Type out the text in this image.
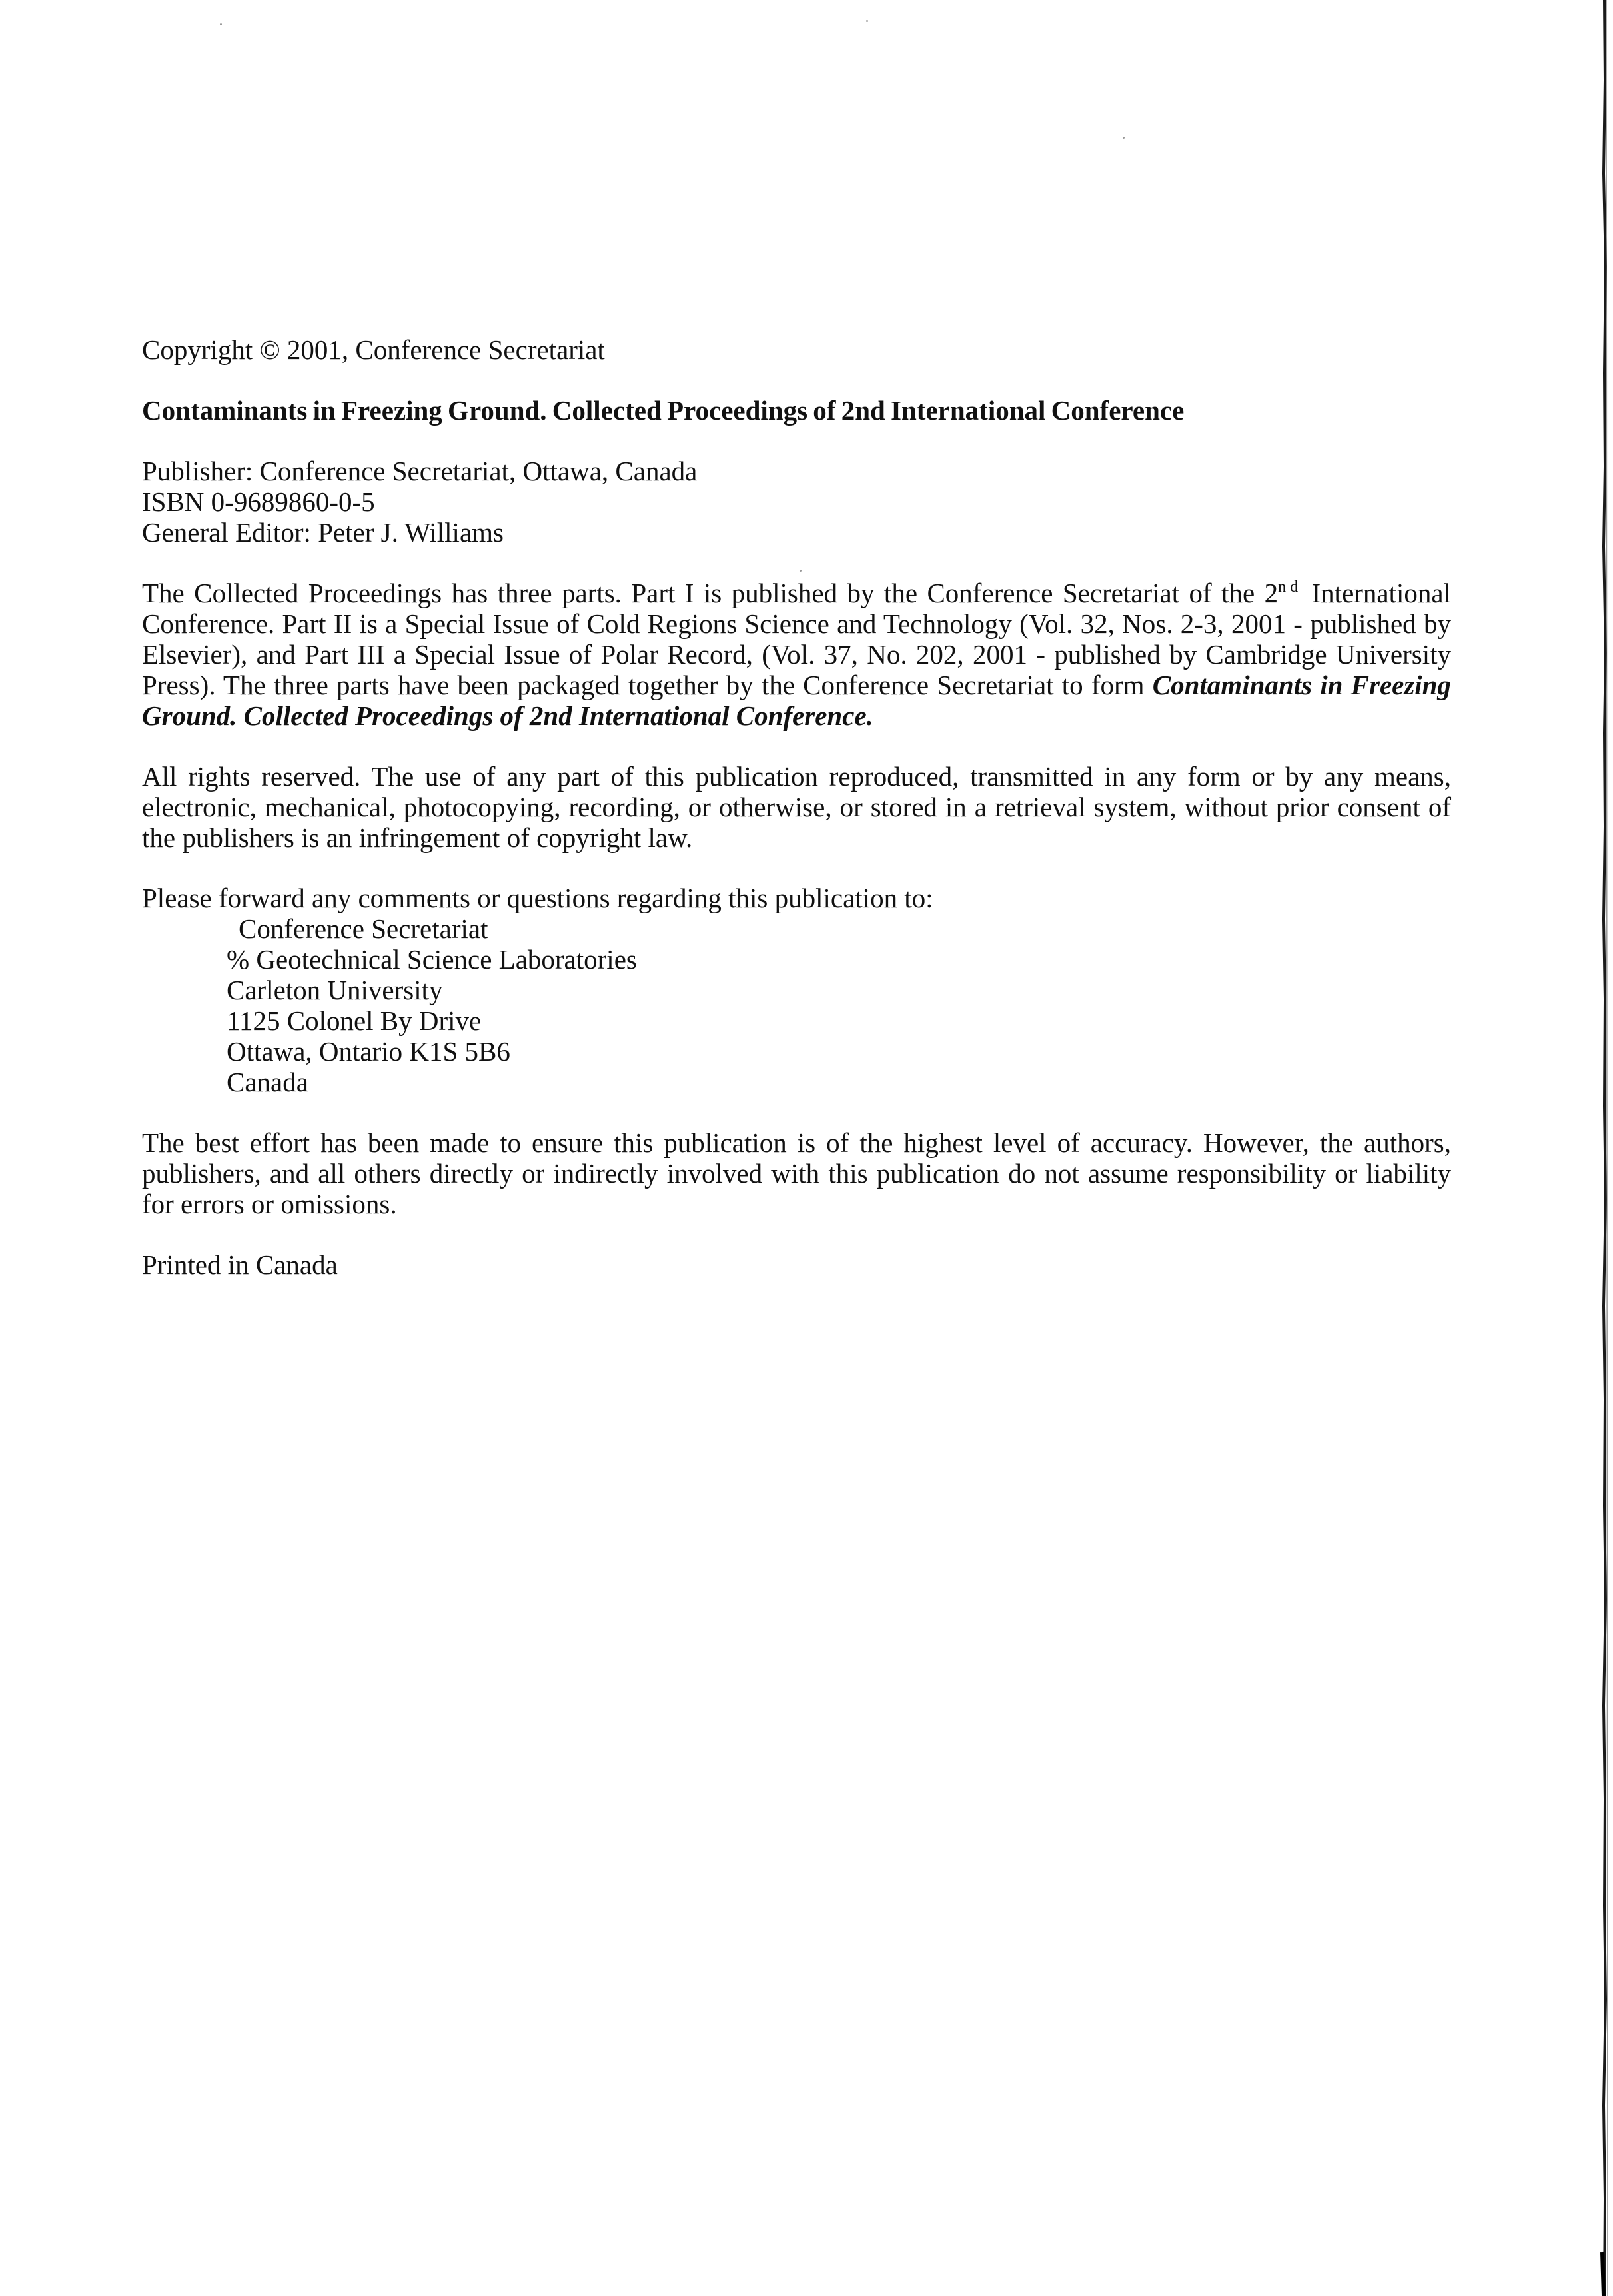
Copyright © 2001, Conference Secretariat

Contaminants in Freezing Ground. Collected Proceedings of 2nd International Conference

Publisher: Conference Secretariat, Ottawa, Canada
ISBN 0-9689860-0-5
General Editor: Peter J. Williams

The Collected Proceedings has three parts. Part I is published by the Conference Secretariat of the 2nd International Conference. Part II is a Special Issue of Cold Regions Science and Technology (Vol. 32, Nos. 2-3, 2001 - published by Elsevier), and Part III a Special Issue of Polar Record, (Vol. 37, No. 202, 2001 - published by Cambridge University Press). The three parts have been packaged together by the Conference Secretariat to form Contaminants in Freezing Ground. Collected Proceedings of 2nd International Conference.

All rights reserved. The use of any part of this publication reproduced, transmitted in any form or by any means, electronic, mechanical, photocopying, recording, or otherwise, or stored in a retrieval system, without prior consent of the publishers is an infringement of copyright law.

Please forward any comments or questions regarding this publication to:
Conference Secretariat
% Geotechnical Science Laboratories
Carleton University
1125 Colonel By Drive
Ottawa, Ontario K1S 5B6
Canada

The best effort has been made to ensure this publication is of the highest level of accuracy. However, the authors, publishers, and all others directly or indirectly involved with this publication do not assume responsibility or liability for errors or omissions.

Printed in Canada
